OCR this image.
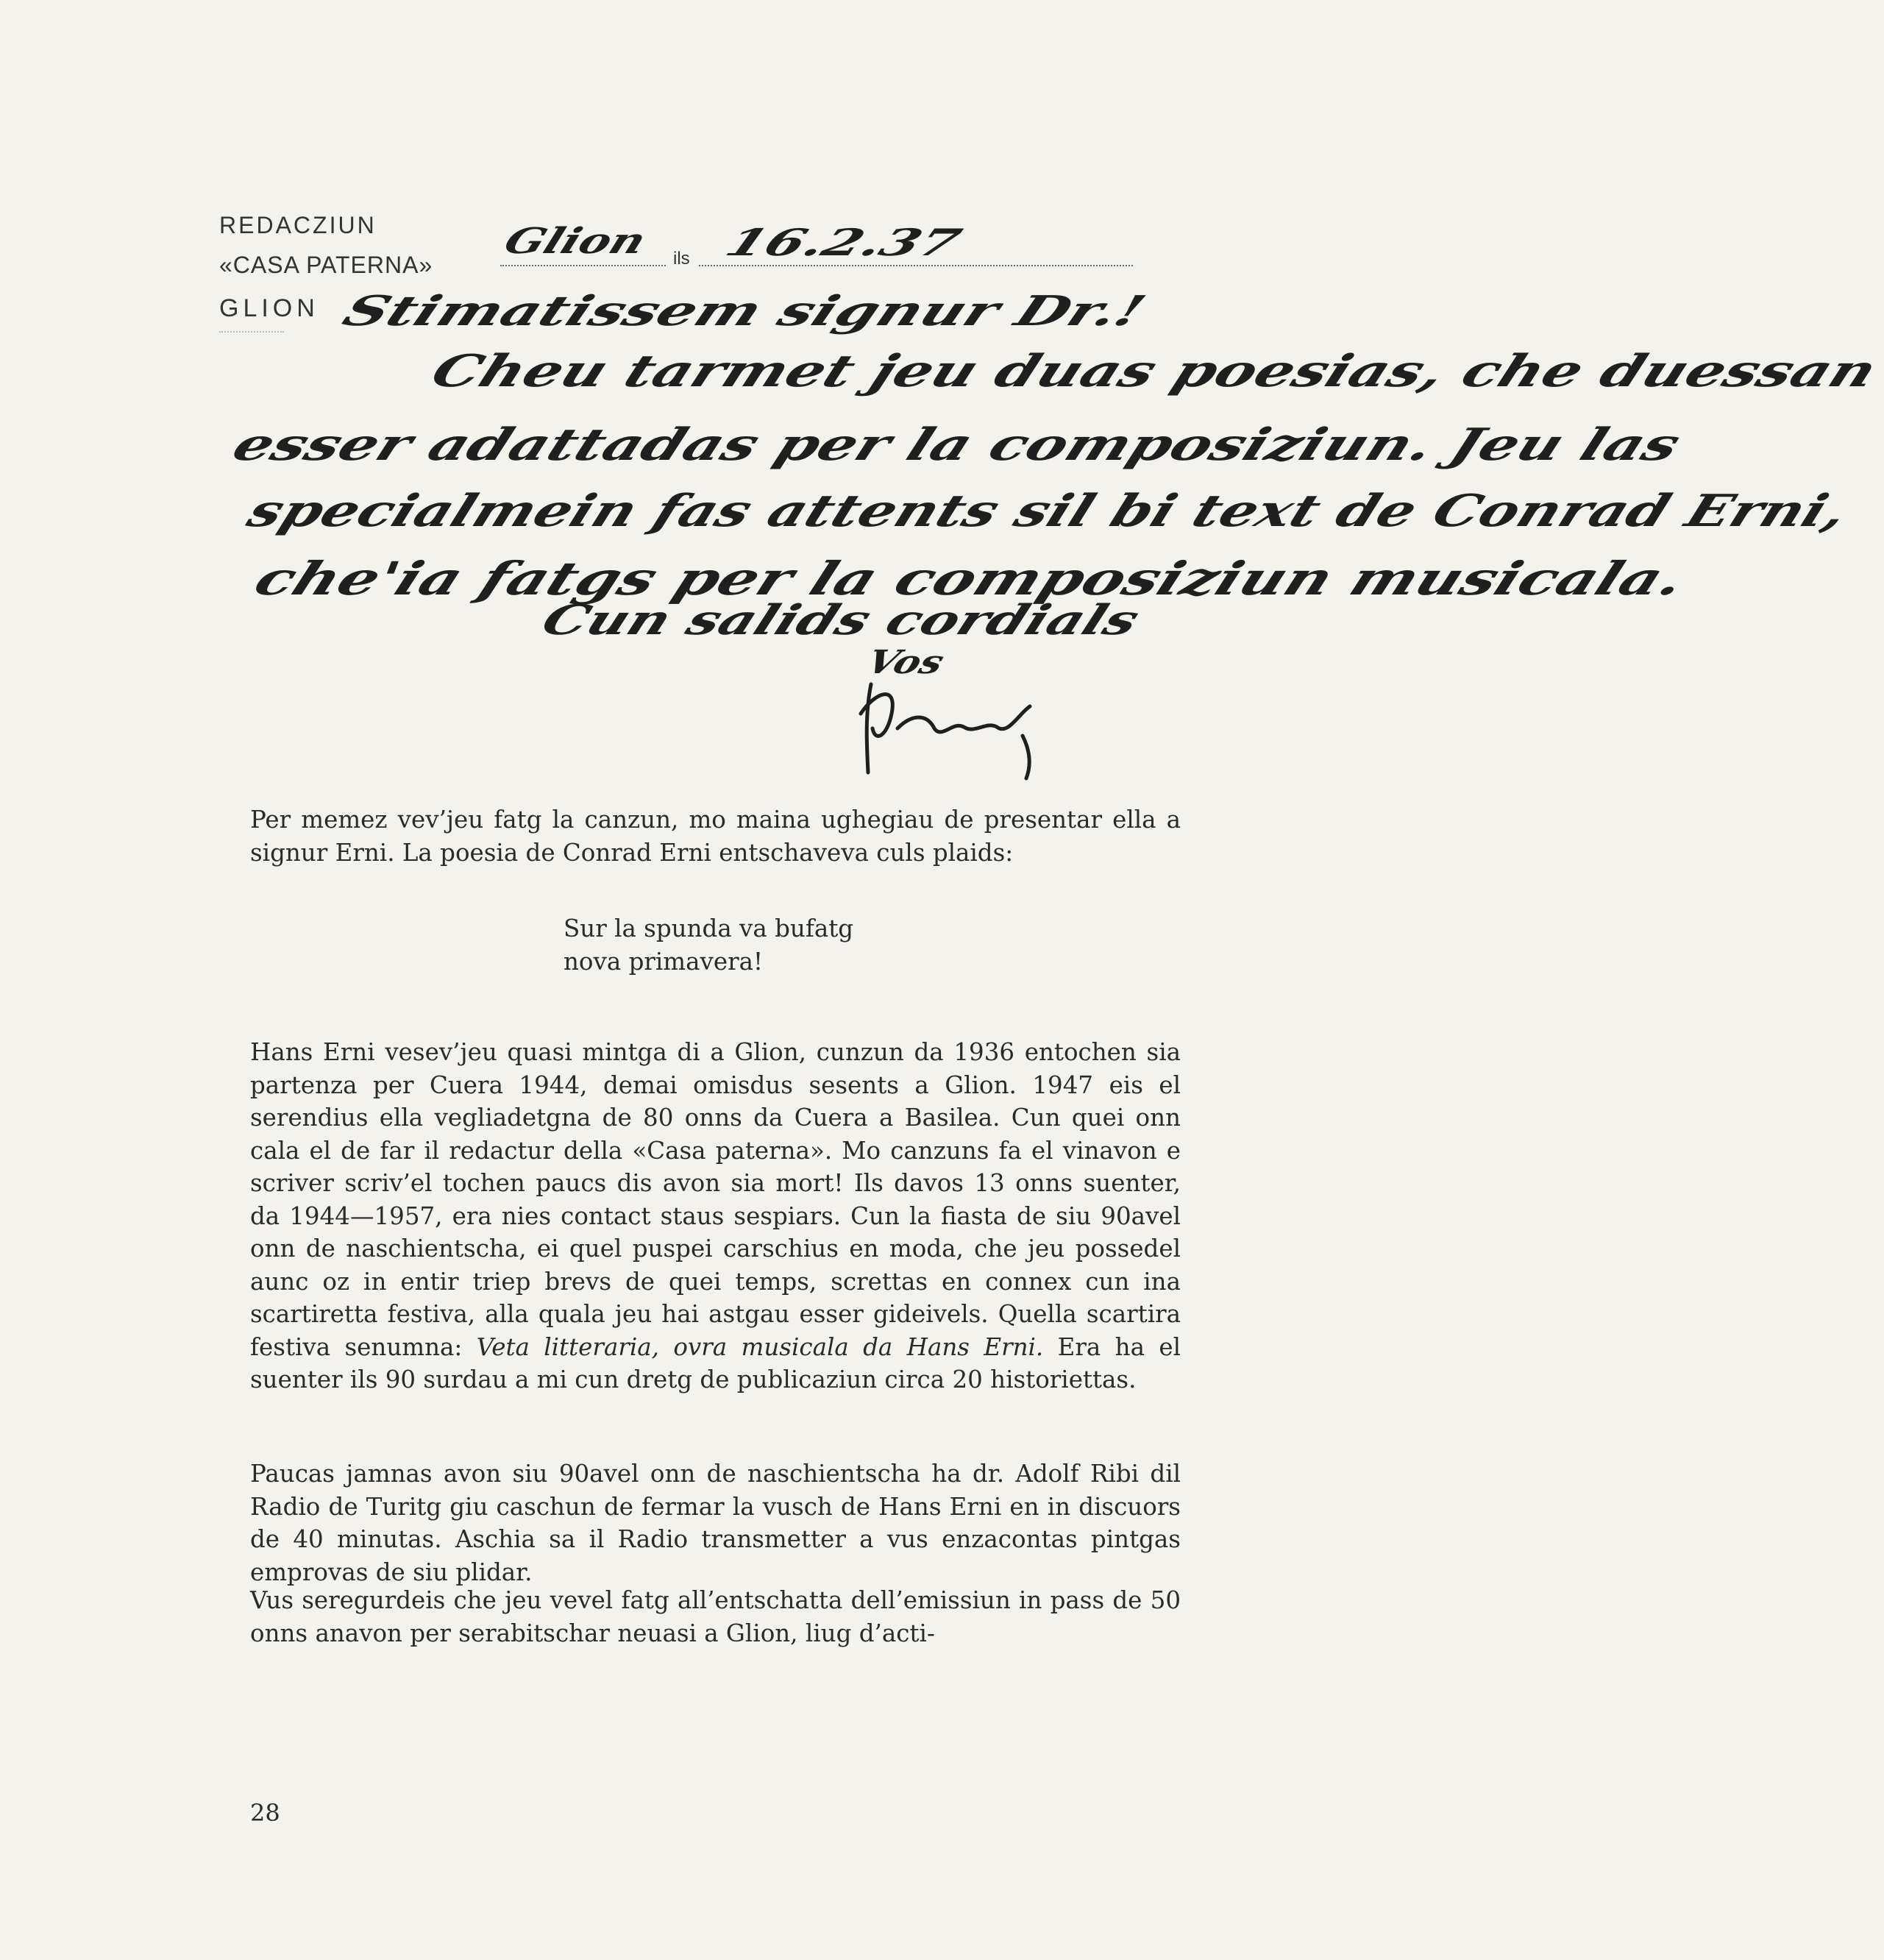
REDACZIUN
«CASA PATERNA»
GLION
ils
Glion 16.2.37
Stimatissem signur Dr.!
Cheu tarmet jeu duas poesias, che duessan
esser adattadas per la composiziun. Jeu las
specialmein fas attents sil bi text de Conrad Erni,
che'ia fatgs per la composiziun musicala.
Cun salids cordials
Vos

Per memez vev’jeu fatg la canzun, mo maina ughegiau de presentar ella a signur Erni. La poesia de Conrad Erni entschaveva culs plaids:

Sur la spunda va bufatg
nova primavera!

Hans Erni vesev’jeu quasi mintga di a Glion, cunzun da 1936 entochen sia partenza per Cuera 1944, demai omisdus sesents a Glion. 1947 eis el serendius ella vegliadetgna de 80 onns da Cuera a Basilea. Cun quei onn cala el de far il redactur della «Casa paterna». Mo canzuns fa el vinavon e scriver scriv’el tochen paucs dis avon sia mort! Ils davos 13 onns suenter, da 1944—1957, era nies contact staus sespiars. Cun la fiasta de siu 90avel onn de naschientscha, ei quel puspei carschius en moda, che jeu possedel aunc oz in entir triep brevs de quei temps, screttas en connex cun ina scartiretta festiva, alla quala jeu hai astgau esser gideivels. Quella scartira festiva senumna: Veta litteraria, ovra musicala da Hans Erni. Era ha el suenter ils 90 surdau a mi cun dretg de publicaziun circa 20 historiettas.

Paucas jamnas avon siu 90avel onn de naschientscha ha dr. Adolf Ribi dil Radio de Turitg giu caschun de fermar la vusch de Hans Erni en in discuors de 40 minutas. Aschia sa il Radio transmetter a vus enzacontas pintgas emprovas de siu plidar.

Vus seregurdeis che jeu vevel fatg all’entschatta dell’emissiun in pass de 50 onns anavon per serabitschar neuasi a Glion, liug d’acti-

28
